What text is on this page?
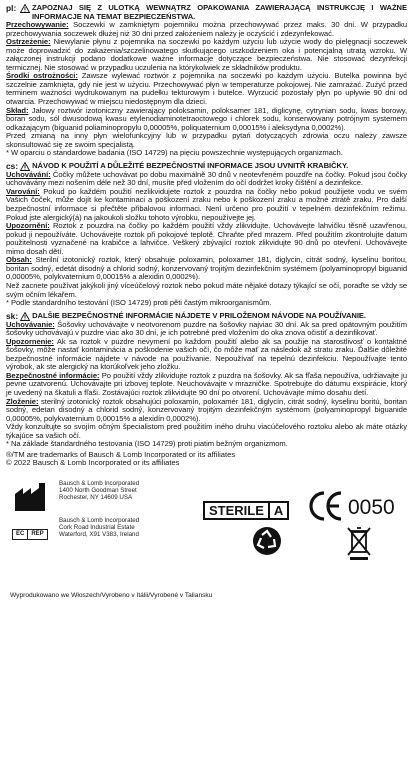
pl: ZAPOZNAJ SIĘ Z ULOTKĄ WEWNĄTRZ OPAKOWANIA ZAWIERAJĄCĄ INSTRUKCJĘ I WAŻNE INFORMACJE NA TEMAT BEZPIECZEŃSTWA.

Przechowywanie: Soczewki w zamkniętym pojemniku można przechowywać przez maks. 30 dni. W przypadku przechowywania soczewek dłużej niż 30 dni przed założeniem należy je oczyścić i zdezynfekować.

Ostrzeżenie: Niewylanie płynu z pojemnika na soczewki po każdym użyciu lub użycie wody do pielęgnacji soczewek może doprowadzić do zakażenia/szczelinowatego skutkującego uszkodzeniem oka i potencjalną utratą wzroku. W załączonej instrukcji podano dodatkowe ważne informacje dotyczące bezpieczeństwa. Nie stosować dezynfekcji termicznej. Nie stosować w przypadku uczulenia na którykolwiek ze składników produktu.

Środki ostrożności: Zawsze wylewać roztwór z pojemnika na soczewki po każdym użyciu. Butelka powinna być szczelnie zamknięta, gdy nie jest w użyciu. Przechowywać płyn w temperaturze pokojowej. Nie zamrażać. Zużyć przed terminem ważności wydrukowanym na pudełku tekturowym i butelce. Wyrzucić pozostały płyn po upływie 90 dni od otwarcia. Przechowywać w miejscu niedostępnym dla dzieci.

Skład: Jałowy roztwór izotoniczny zawierający poloksamin, poloksamer 181, diglicynę, cytrynian sodu, kwas borowy, boran sodu, sól dwusodową kwasu etylenodiaminotetraoctowego i chlorek sodu, konserwowany potrójnym systemem odkażającym (biguanid poliaminopropylu 0,00005%, poliquaternium 0,00015% i aleksydyna 0,0002%).

Przed zmianą na inny płyn wielofunkcyjny lub w przypadku pytań dotyczących zdrowia oczu należy zawsze skonsultować się ze swoim specjalistą.

* W oparciu o standardowe badania (ISO 14729) na pięciu powszechnie występujących organizmach.

cs: NÁVOD K POUŽITÍ A DŮLEŽITÉ BEZPEČNOSTNÍ INFORMACE JSOU UVNITŘ KRABIČKY.

Uchovávání: Čočky můžete uchovávat po dobu maximálně 30 dnů v neotevřeném pouzdře na čočky. Pokud jsou čočky uchovávány mezi nošením déle než 30 dní, musíte před vložením do očí dodržet kroky čištění a dezinfekce.

Varování: Pokud po každém použití nezlikvidujete roztok z pouzdra na čočky nebo pokud použijete vodu ve svém Vašich čoček, může dojít ke kontaminaci a poškození zraku nebo k poškození zraku a možné ztrátě zraku. Pro další bezpečnostní informace si přečtěte přibalovou informaci. Není určeno pro použití v tepelném dezinfekčním režimu. Pokud jste alergický(á) na jakoukoli složku tohoto výrobku, nepoužívejte jej.

Upozornění: Roztok z pouzdra na čočky po každém použití vždy zlikvidujte. Uchovávejte lahvičku těsně uzavřenou, pokud ji nepoužíváte. Uchovávejte roztok při pokojové teplotě. Chraňte před mrazem. Před použitím zkontrolujte datum použitelnosti vyznačené na krabičce a lahvičce. Veškerý zbývající roztok zlikvidujte 90 dnů po otevření. Uchovávejte mimo dosah dětí.

Obsah: Sterilní izotonický roztok, který obsahuje poloxamin, poloxamer 181, diglycin, citrát sodný, kyselinu boritou, boritan sodný, edetát disodný a chlorid sodný, konzervovaný trojitým dezinfekčním systémem (polyaminopropyl biguanid 0,00005%, polykvaternium 0,00015% a alexidin 0,0002%).

Než zacnete používat jakýkoli jiný víceúčelový roztok nebo pokud máte nějaké dotazy týkající se očí, poraďte se vždy se svým očním lékařem.

* Podle standardního testování (ISO 14729) proti pěti častým mikroorganismům.

sk: DALŠIE BEZPEČNOSTNÉ INFORMÁCIE NÁJDETE V PRILOŽENOM NÁVODE NA POUŽÍVANIE.

Uchovávanie: Šošovky uchovávajte v neotvorenom puzdre na šošovky najviac 30 dní. Ak sa pred opätovným použitím šošovky uchovávajú v puzdre viac ako 30 dní, je ich potrebné pred vložením do oka znova očistiť a dezinfikovať.

Upozornenie: Ak sa roztok v puzdre nevymení po každom použití alebo ak sa použije na starostlivosť o kontaktné šošovky, môže nastať kontaminácia a poškodenie vašich očí, čo môže mať za následok až stratu zraku. Ďalšie dôležité bezpečnostné informácie nájdete v návode na používanie. Nepoužívať na tepelnú dezinfekciu. Nepoužívajte tento výrobok, ak ste alergický na ktorúkoľvek jeho zložku.

Bezpečnostné informácie: Po použití vždy zlikvidujte roztok z puzdra na šošovky. Ak sa fľaša nepoužíva, udržiavajte ju pevne uzatvorenú. Uchovávajte pri izbovej teplote. Neuchovávajte v mrazničke. Spotrebujte do dátumu exspirácie, ktorý je uvedený na škatuli a fľaši. Zostávajúci roztok zlikvidujte 90 dní po otvorení. Uchovávajte mimo dosahu detí.

Zloženie: sterilný izotonický roztok obsahujúci poloxamín, poloxamér 181, diglycín, citrát sodný, kyselinu boritú, boritan sodný, edetan disodný a chlorid sodný, konzervovaný trojitým dezinfekčným systémom (polyaminopropyl biguanide 0,00005%, polykvaternium 0,00015% a alexidín 0,0002%).

Vždy konzultujte so svojím očným špecialistom pred použitím iného druhu viacúčelového roztoku alebo ak máte otázky týkajúce sa vašich očí.

* Na základe štandardného testovania (ISO 14729) proti piatim bežným organizmom.

®/TM are trademarks of Bausch & Lomb Incorporated or its affiliates

© 2022 Bausch & Lomb Incorporated or its affiliates

Bausch & Lomb Incorporated
1400 North Goodman Street
Rochester, NY 14609 USA
EC	REP
Bausch & Lomb Incorporated
Cork Road Industrial Estate
Waterford, X91 V383, Ireland
STERILE A	0050
Wyprodukowano we Włoszech/Vyrobeno v Itálii/Vyrobené v Taliansku
